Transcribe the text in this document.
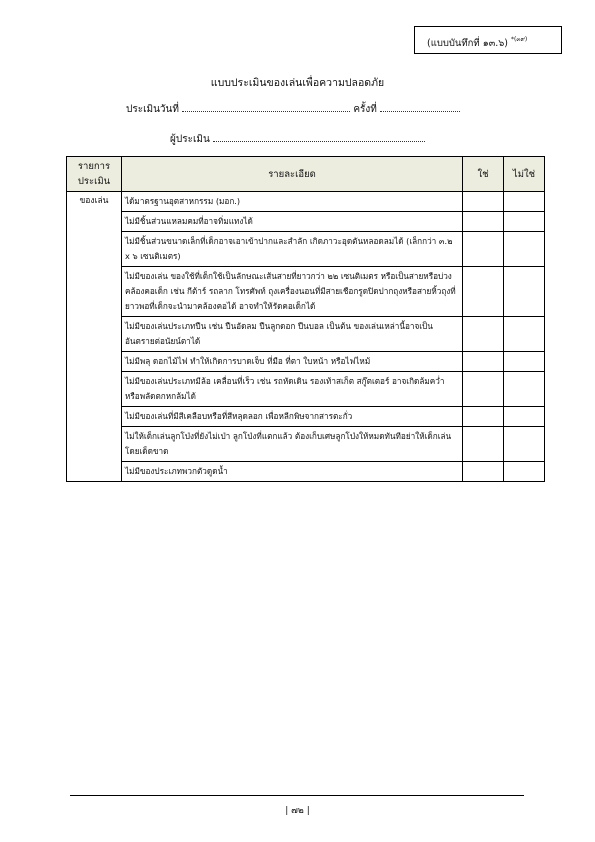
(แบบบันทึกที่ ๑๓.๖) $^{*(๓๙)}$
แบบประเมินของเล่นเพื่อความปลอดภัย
ประเมินวันที่	ครั้งที่
ผู้ประเมิน
รายการประเมิน	รายละเอียด	ใช่	ไม่ใช่
ของเล่น	ได้มาตรฐานอุตสาหกรรม (มอก.)		
	ไม่มีชิ้นส่วนแหลมคมที่อาจทิ่มแทงได้		
	ไม่มีชิ้นส่วนขนาดเล็กที่เด็กอาจเอาเข้าปากและสำลัก เกิดภาวะอุดตันหลอดลมได้ (เล็กกว่า ๓.๒ x ๖ เซนติเมตร)		
	ไม่มีของเล่น ของใช้ที่เด็กใช้เป็นลักษณะเส้นสายที่ยาวกว่า ๒๒ เซนติเมตร หรือเป็นสายหรือบ่วงคล้องคอเด็ก เช่น กีต้าร์ รถลาก โทรศัพท์ ถุงเครื่องนอนที่มีสายเชือกรูดปิดปากถุงหรือสายหิ้วถุงที่ยาวพอที่เด็กจะนำมาคล้องคอได้ อาจทำให้รัดคอเด็กได้		
	ไม่มีของเล่นประเภทปืน เช่น ปืนอัดลม ปืนลูกดอก ปืนบอล เป็นต้น ของเล่นเหล่านี้อาจเป็นอันตรายต่อนัยน์ตาได้		
	ไม่มีพลุ ดอกไม้ไฟ ทำให้เกิดการบาดเจ็บ ที่มือ ที่ตา ใบหน้า หรือไฟไหม้		
	ไม่มีของเล่นประเภทมีล้อ เคลื่อนที่เร็ว เช่น รถหัดเดิน รองเท้าสเก็ต สกู๊ตเตอร์ อาจเกิดล้มคว่ำ หรือพลัดตกหกล้มได้		
	ไม่มีของเล่นที่มีสีเคลือบหรือที่สีหลุดลอก เพื่อหลีกพิษจากสารตะกั่ว		
	ไม่ให้เด็กเล่นลูกโป่งที่ยังไม่เป่า ลูกโป่งที่แตกแล้ว ต้องเก็บเศษลูกโป่งให้หมดทันทีอย่าให้เด็กเล่นโดยเด็ดขาด		
	ไม่มีของประเภทพวกตัวดูดน้ำ		
| ๗๒ |
